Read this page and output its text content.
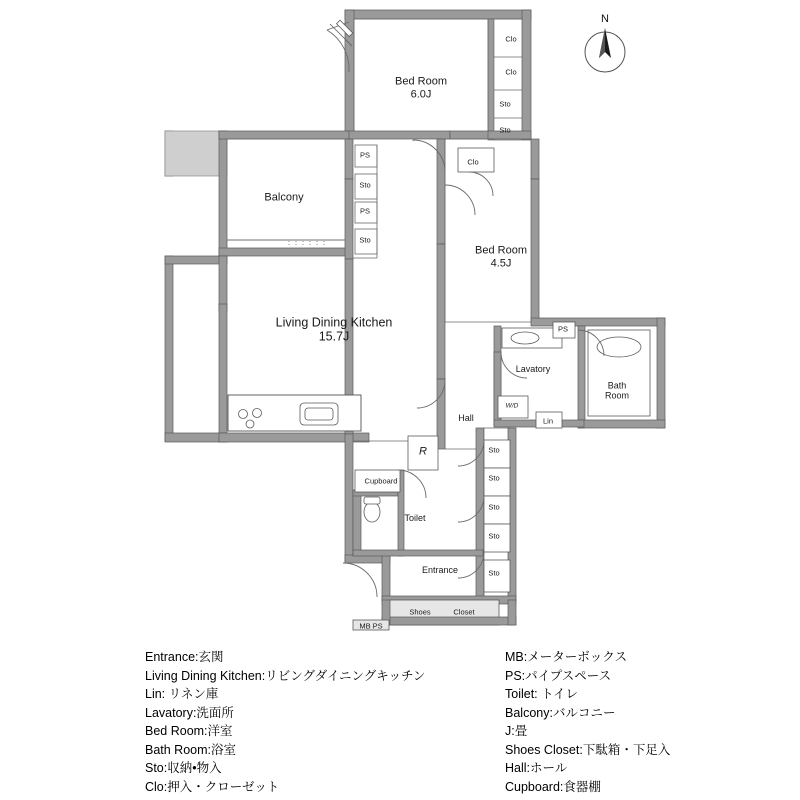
Bed Room
6.0J
Balcony
Bed Room
4.5J
Living Dining Kitchen
15.7J
Lavatory
Bath Room
Hall
Toilet
Entrance
Clo
Clo
Sto
Sto
PS
Clo
Sto
PS
Sto
PS
W/D
Lin
Sto
Sto
Sto
Sto
Sto
Cupboard
Shoes	Closet
MB PS
R
N
Entrance:玄関
Living Dining Kitchen:リビングダイニングキッチン
Lin: リネン庫
Lavatory:洗面所
Bed Room:洋室
Bath Room:浴室
Sto:収納•物入
Clo:押入・クローゼット
MB:メーターボックス
PS:パイプスペース
Toilet: トイレ
Balcony:バルコニー
J:畳
Shoes Closet:下駄箱・下足入
Hall:ホール
Cupboard:食器棚
